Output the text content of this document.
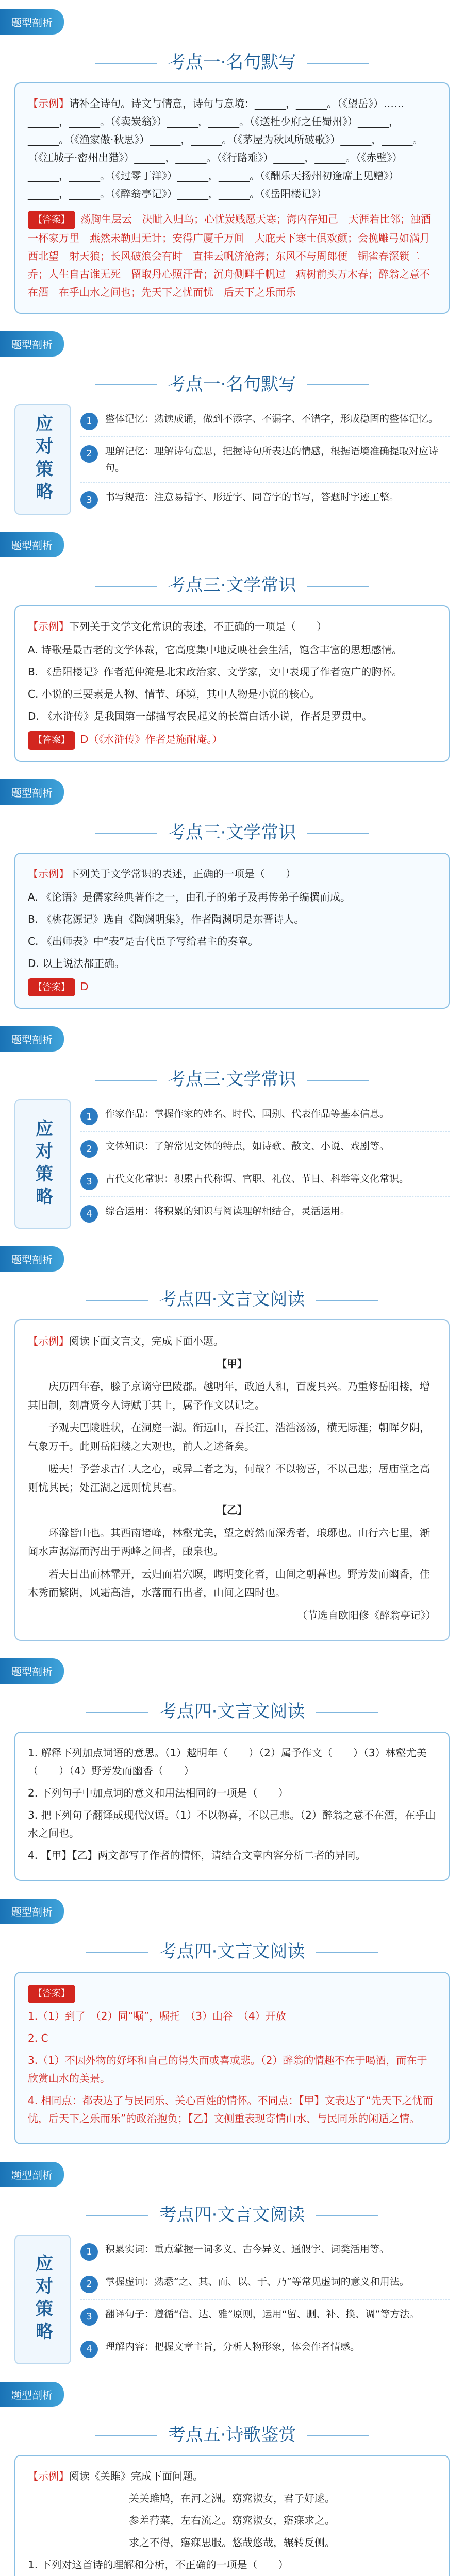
题型剖析
考点一·名句默写

【示例】请补全诗句。诗文与情意，诗句与意境：______，______。（《望岳》）……______，______。（《卖炭翁》）______，______。（《送杜少府之任蜀州》）______，______。（《渔家傲·秋思》）______，______。（《茅屋为秋风所破歌》）______，______。（《江城子·密州出猎》）______，______。（《行路难》）______，______。（《赤壁》）______，______。（《过零丁洋》）______，______。（《酬乐天扬州初逢席上见赠》）______，______。（《醉翁亭记》）______，______。（《岳阳楼记》）

【答案】 荡胸生层云　决眦入归鸟；心忧炭贱愿天寒；海内存知己　天涯若比邻；浊酒一杯家万里　燕然未勒归无计；安得广厦千万间　大庇天下寒士俱欢颜；会挽雕弓如满月　西北望　射天狼；长风破浪会有时　直挂云帆济沧海；东风不与周郎便　铜雀春深锁二乔；人生自古谁无死　留取丹心照汗青；沉舟侧畔千帆过　病树前头万木春；醉翁之意不在酒　在乎山水之间也；先天下之忧而忧　后天下之乐而乐

题型剖析
考点一·名句默写
应对策略	1	整体记忆：熟读成诵，做到不添字、不漏字、不错字，形成稳固的整体记忆。
2	理解记忆：理解诗句意思，把握诗句所表达的情感，根据语境准确提取对应诗句。
3	书写规范：注意易错字、形近字、同音字的书写，答题时字迹工整。
题型剖析
考点三·文学常识

【示例】下列关于文学文化常识的表述，不正确的一项是（　　）

A. 诗歌是最古老的文学体裁，它高度集中地反映社会生活，饱含丰富的思想感情。

B. 《岳阳楼记》作者范仲淹是北宋政治家、文学家，文中表现了作者宽广的胸怀。

C. 小说的三要素是人物、情节、环境，其中人物是小说的核心。

D. 《水浒传》是我国第一部描写农民起义的长篇白话小说，作者是罗贯中。

【答案】 D（《水浒传》作者是施耐庵。）

题型剖析
考点三·文学常识

【示例】下列关于文学常识的表述，正确的一项是（　　）

A. 《论语》是儒家经典著作之一，由孔子的弟子及再传弟子编撰而成。

B. 《桃花源记》选自《陶渊明集》，作者陶渊明是东晋诗人。

C. 《出师表》中“表”是古代臣子写给君主的奏章。

D. 以上说法都正确。

【答案】 D

题型剖析
考点三·文学常识
应对策略
1	作家作品：掌握作家的姓名、时代、国别、代表作品等基本信息。
2	文体知识：了解常见文体的特点，如诗歌、散文、小说、戏剧等。
3	古代文化常识：积累古代称谓、官职、礼仪、节日、科举等文化常识。
4	综合运用：将积累的知识与阅读理解相结合，灵活运用。
题型剖析
考点四·文言文阅读

【示例】阅读下面文言文，完成下面小题。

【甲】

庆历四年春，滕子京谪守巴陵郡。越明年，政通人和，百废具兴。乃重修岳阳楼，增其旧制，刻唐贤今人诗赋于其上，属予作文以记之。

予观夫巴陵胜状，在洞庭一湖。衔远山，吞长江，浩浩汤汤，横无际涯；朝晖夕阴，气象万千。此则岳阳楼之大观也，前人之述备矣。

嗟夫！予尝求古仁人之心，或异二者之为，何哉？不以物喜，不以己悲；居庙堂之高则忧其民；处江湖之远则忧其君。

【乙】

环滁皆山也。其西南诸峰，林壑尤美，望之蔚然而深秀者，琅琊也。山行六七里，渐闻水声潺潺而泻出于两峰之间者，酿泉也。

若夫日出而林霏开，云归而岩穴暝，晦明变化者，山间之朝暮也。野芳发而幽香，佳木秀而繁阴，风霜高洁，水落而石出者，山间之四时也。

（节选自欧阳修《醉翁亭记》）

题型剖析
考点四·文言文阅读

1. 解释下列加点词语的意思。（1）越明年（　　）（2）属予作文（　　）（3）林壑尤美（　　）（4）野芳发而幽香（　　）

2. 下列句子中加点词的意义和用法相同的一项是（　　）

3. 把下列句子翻译成现代汉语。（1）不以物喜，不以己悲。（2）醉翁之意不在酒，在乎山水之间也。

4. 【甲】【乙】两文都写了作者的情怀，请结合文章内容分析二者的异同。

题型剖析
考点四·文言文阅读

【答案】

1.（1）到了　（2）同“嘱”，嘱托　（3）山谷　（4）开放

2. C

3.（1）不因外物的好坏和自己的得失而或喜或悲。（2）醉翁的情趣不在于喝酒，而在于欣赏山水的美景。

4. 相同点：都表达了与民同乐、关心百姓的情怀。不同点：【甲】文表达了“先天下之忧而忧，后天下之乐而乐”的政治抱负；【乙】文侧重表现寄情山水、与民同乐的闲适之情。

题型剖析
考点四·文言文阅读
应对策略
1	积累实词：重点掌握一词多义、古今异义、通假字、词类活用等。
2	掌握虚词：熟悉“之、其、而、以、于、乃”等常见虚词的意义和用法。
3	翻译句子：遵循“信、达、雅”原则，运用“留、删、补、换、调”等方法。
4	理解内容：把握文章主旨，分析人物形象，体会作者情感。
题型剖析
考点五·诗歌鉴赏

【示例】阅读《关雎》完成下面问题。

关关雎鸠，在河之洲。窈窕淑女，君子好逑。

参差荇菜，左右流之。窈窕淑女，寤寐求之。

求之不得，寤寐思服。悠哉悠哉，辗转反侧。

1. 下列对这首诗的理解和分析，不正确的一项是（　　）
